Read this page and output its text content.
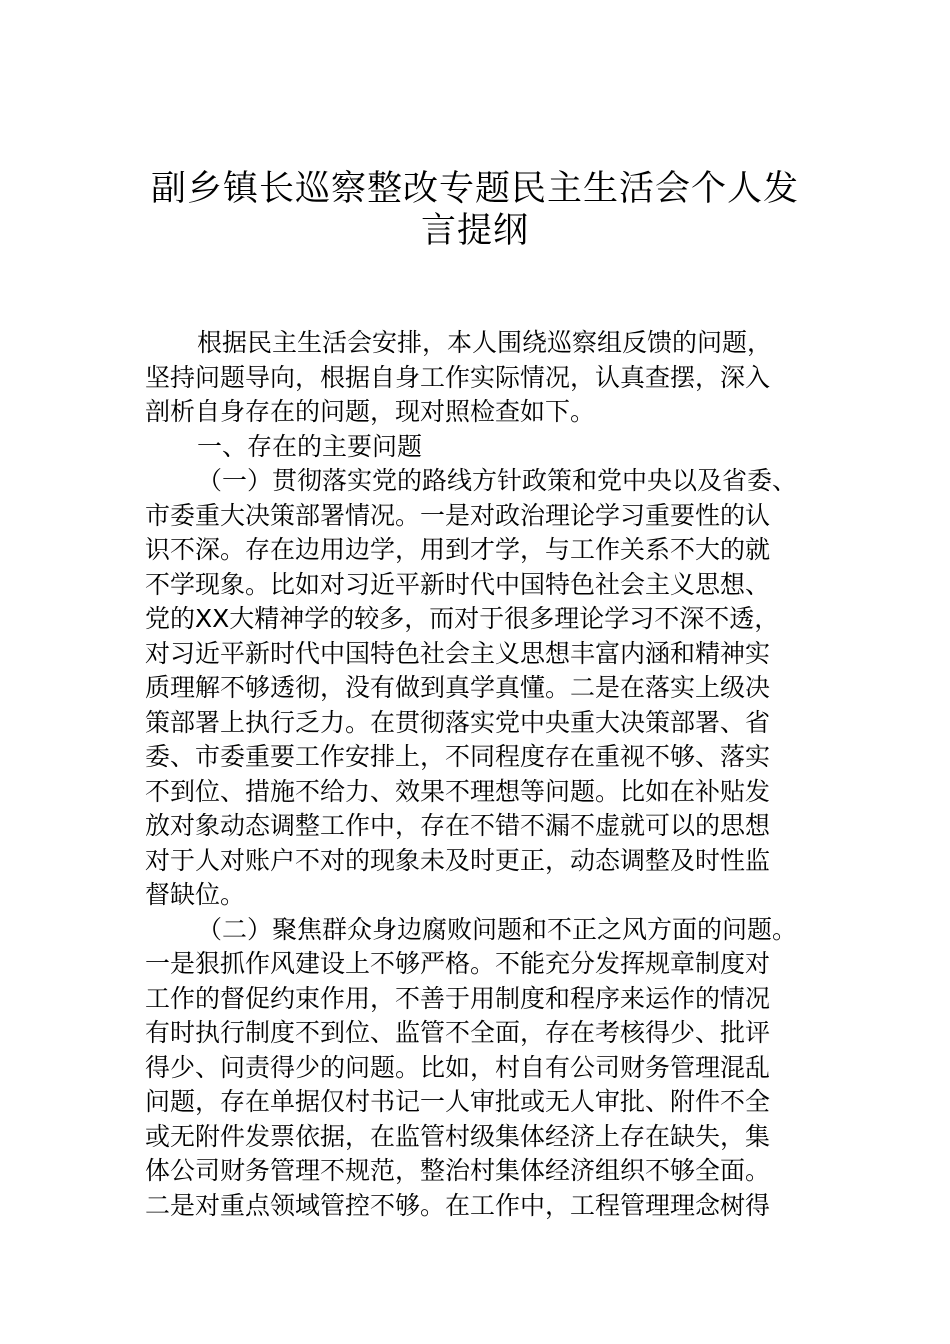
副乡镇长巡察整改专题民主生活会个人发
言提纲
根据民主生活会安排，本人围绕巡察组反馈的问题，
坚持问题导向，根据自身工作实际情况，认真查摆，深入
剖析自身存在的问题，现对照检查如下。
一、存在的主要问题
（一）贯彻落实党的路线方针政策和党中央以及省委、
市委重大决策部署情况。一是对政治理论学习重要性的认
识不深。存在边用边学，用到才学，与工作关系不大的就
不学现象。比如对习近平新时代中国特色社会主义思想、
党的XX大精神学的较多，而对于很多理论学习不深不透，
对习近平新时代中国特色社会主义思想丰富内涵和精神实
质理解不够透彻，没有做到真学真懂。二是在落实上级决
策部署上执行乏力。在贯彻落实党中央重大决策部署、省
委、市委重要工作安排上，不同程度存在重视不够、落实
不到位、措施不给力、效果不理想等问题。比如在补贴发
放对象动态调整工作中，存在不错不漏不虚就可以的思想
对于人对账户不对的现象未及时更正，动态调整及时性监
督缺位。
（二）聚焦群众身边腐败问题和不正之风方面的问题。
一是狠抓作风建设上不够严格。不能充分发挥规章制度对
工作的督促约束作用，不善于用制度和程序来运作的情况
有时执行制度不到位、监管不全面，存在考核得少、批评
得少、问责得少的问题。比如，村自有公司财务管理混乱
问题，存在单据仅村书记一人审批或无人审批、附件不全
或无附件发票依据，在监管村级集体经济上存在缺失，集
体公司财务管理不规范，整治村集体经济组织不够全面。
二是对重点领域管控不够。在工作中，工程管理理念树得
